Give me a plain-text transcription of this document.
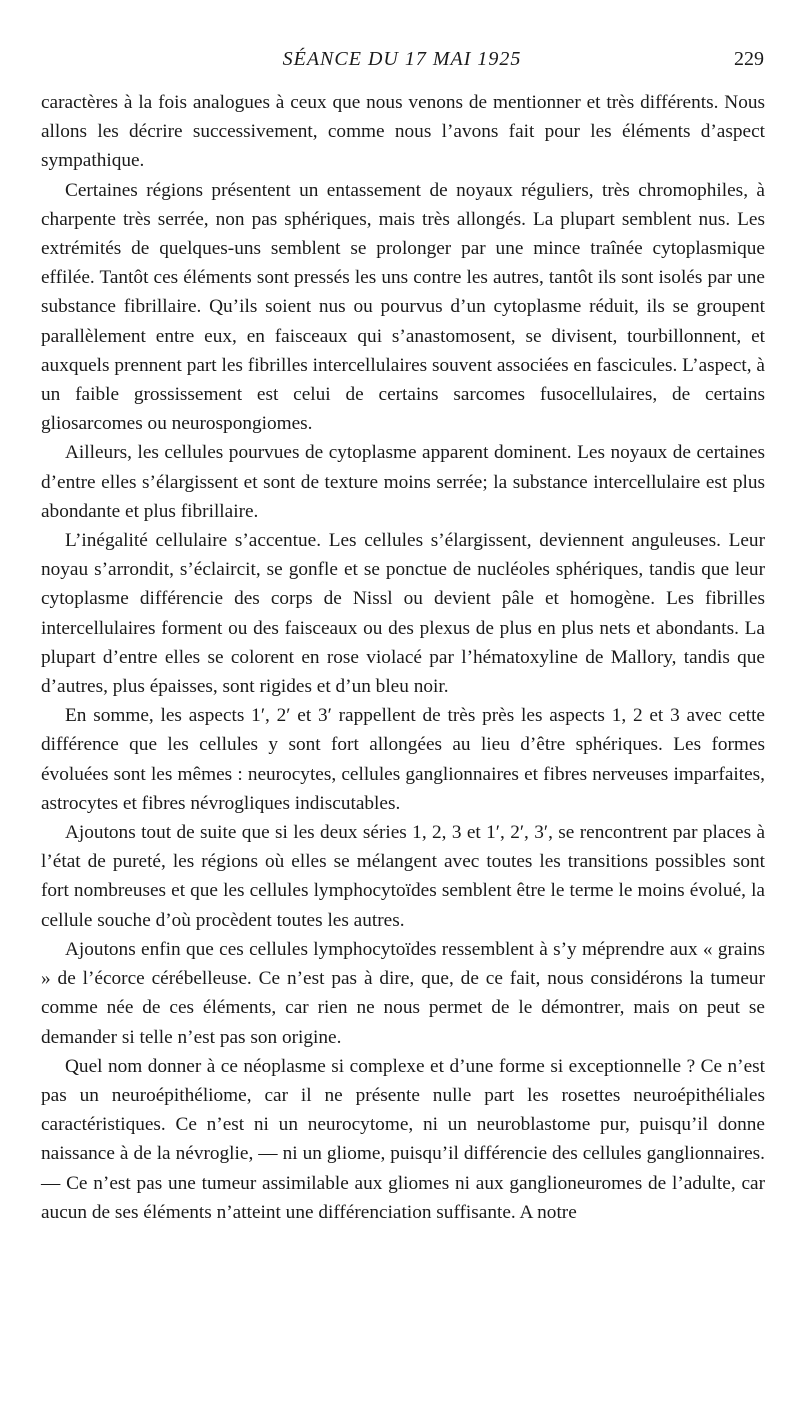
SÉANCE DU 17 MAI 1925	229

caractères à la fois analogues à ceux que nous venons de mentionner et très différents. Nous allons les décrire successivement, comme nous l’avons fait pour les éléments d’aspect sympathique.

Certaines régions présentent un entassement de noyaux réguliers, très chromophiles, à charpente très serrée, non pas sphériques, mais très allongés. La plupart semblent nus. Les extrémités de quelques-uns semblent se prolonger par une mince traînée cytoplasmique effilée. Tantôt ces éléments sont pressés les uns contre les autres, tantôt ils sont isolés par une substance fibrillaire. Qu’ils soient nus ou pourvus d’un cytoplasme réduit, ils se groupent parallèlement entre eux, en faisceaux qui s’anastomosent, se divisent, tourbillonnent, et auxquels prennent part les fibrilles intercellulaires souvent associées en fascicules. L’aspect, à un faible grossissement est celui de certains sarcomes fusocellulaires, de certains gliosarcomes ou neurospongiomes.

Ailleurs, les cellules pourvues de cytoplasme apparent dominent. Les noyaux de certaines d’entre elles s’élargissent et sont de texture moins serrée; la substance intercellulaire est plus abondante et plus fibrillaire.

L’inégalité cellulaire s’accentue. Les cellules s’élargissent, deviennent anguleuses. Leur noyau s’arrondit, s’éclaircit, se gonfle et se ponctue de nucléoles sphériques, tandis que leur cytoplasme différencie des corps de Nissl ou devient pâle et homogène. Les fibrilles intercellulaires forment ou des faisceaux ou des plexus de plus en plus nets et abondants. La plupart d’entre elles se colorent en rose violacé par l’hématoxyline de Mallory, tandis que d’autres, plus épaisses, sont rigides et d’un bleu noir.

En somme, les aspects 1′, 2′ et 3′ rappellent de très près les aspects 1, 2 et 3 avec cette différence que les cellules y sont fort allongées au lieu d’être sphériques. Les formes évoluées sont les mêmes : neurocytes, cellules ganglionnaires et fibres nerveuses imparfaites, astrocytes et fibres névrogliques indiscutables.

Ajoutons tout de suite que si les deux séries 1, 2, 3 et 1′, 2′, 3′, se rencontrent par places à l’état de pureté, les régions où elles se mélangent avec toutes les transitions possibles sont fort nombreuses et que les cellules lymphocytoïdes semblent être le terme le moins évolué, la cellule souche d’où procèdent toutes les autres.

Ajoutons enfin que ces cellules lymphocytoïdes ressemblent à s’y méprendre aux « grains » de l’écorce cérébelleuse. Ce n’est pas à dire, que, de ce fait, nous considérons la tumeur comme née de ces éléments, car rien ne nous permet de le démontrer, mais on peut se demander si telle n’est pas son origine.

Quel nom donner à ce néoplasme si complexe et d’une forme si exceptionnelle ? Ce n’est pas un neuroépithéliome, car il ne présente nulle part les rosettes neuroépithéliales caractéristiques. Ce n’est ni un neurocytome, ni un neuroblastome pur, puisqu’il donne naissance à de la névroglie, — ni un gliome, puisqu’il différencie des cellules ganglionnaires.— Ce n’est pas une tumeur assimilable aux gliomes ni aux ganglioneuromes de l’adulte, car aucun de ses éléments n’atteint une différenciation suffisante. A notre
